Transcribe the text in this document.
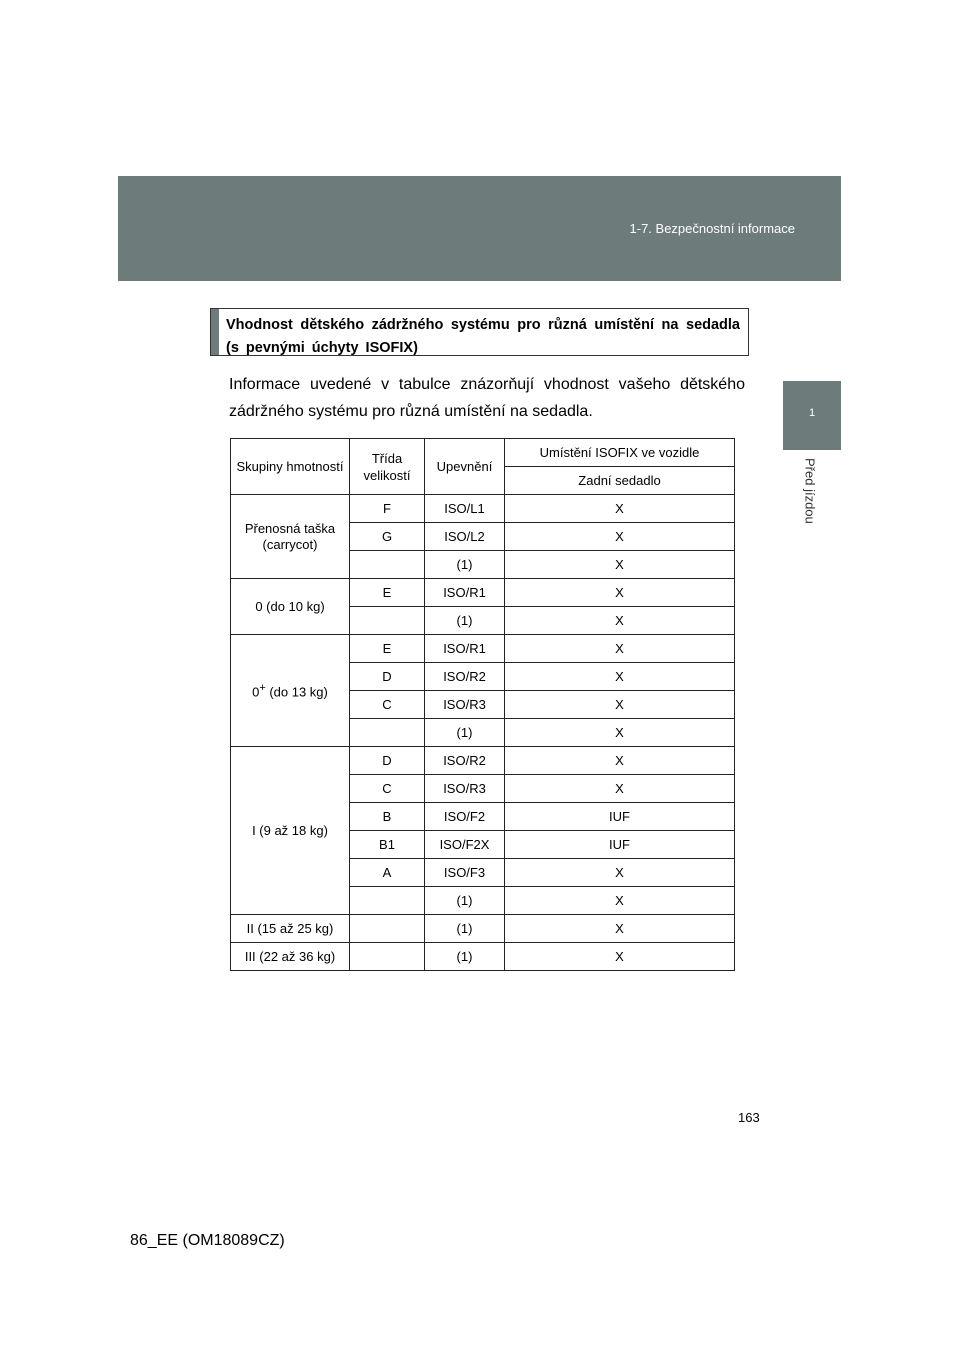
1-7. Bezpečnostní informace
1
Před jízdou
Vhodnost dětského zádržného systému pro různá umístění na sedadla (s pevnými úchyty ISOFIX)
Informace uvedené v tabulce znázorňují vhodnost vašeho dětského zádržného systému pro různá umístění na sedadla.
Skupiny hmotností	Třída velikostí	Upevnění	Umístění ISOFIX ve vozidle
			Zadní sedadlo
Přenosná taška (carrycot)	F	ISO/L1	X
	G	ISO/L2	X
		(1)	X
0 (do 10 kg)	E	ISO/R1	X
		(1)	X
0+ (do 13 kg)	E	ISO/R1	X
	D	ISO/R2	X
	C	ISO/R3	X
		(1)	X
I (9 až 18 kg)	D	ISO/R2	X
	C	ISO/R3	X
	B	ISO/F2	IUF
	B1	ISO/F2X	IUF
	A	ISO/F3	X
		(1)	X
II (15 až 25 kg)		(1)	X
III (22 až 36 kg)		(1)	X
163
86_EE (OM18089CZ)
